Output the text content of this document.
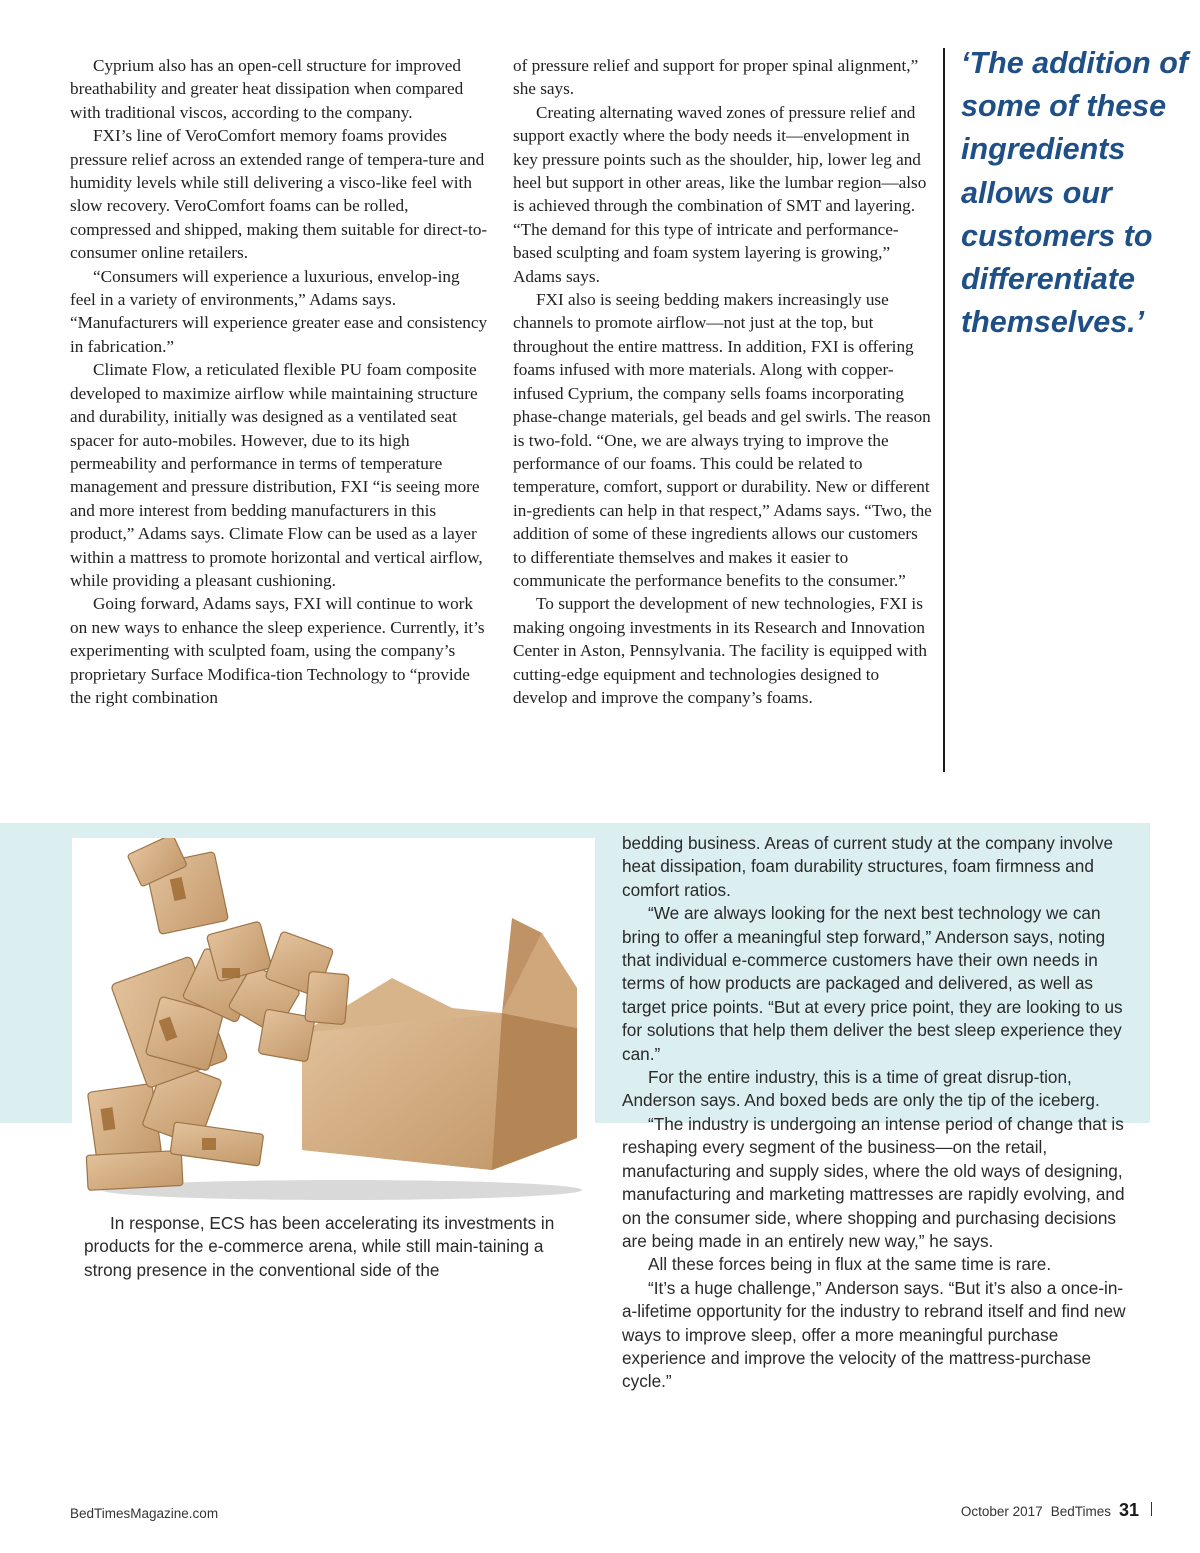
Cyprium also has an open-cell structure for improved breathability and greater heat dissipation when compared with traditional viscos, according to the company.

FXI’s line of VeroComfort memory foams provides pressure relief across an extended range of tempera-ture and humidity levels while still delivering a visco-like feel with slow recovery. VeroComfort foams can be rolled, compressed and shipped, making them suitable for direct-to-consumer online retailers.

“Consumers will experience a luxurious, envelop-ing feel in a variety of environments,” Adams says. “Manufacturers will experience greater ease and consistency in fabrication.”

Climate Flow, a reticulated flexible PU foam composite developed to maximize airflow while maintaining structure and durability, initially was designed as a ventilated seat spacer for auto-mobiles. However, due to its high permeability and performance in terms of temperature management and pressure distribution, FXI “is seeing more and more interest from bedding manufacturers in this product,” Adams says. Climate Flow can be used as a layer within a mattress to promote horizontal and vertical airflow, while providing a pleasant cushioning.

Going forward, Adams says, FXI will continue to work on new ways to enhance the sleep experience. Currently, it’s experimenting with sculpted foam, using the company’s proprietary Surface Modifica-tion Technology to “provide the right combination

of pressure relief and support for proper spinal alignment,” she says.

Creating alternating waved zones of pressure relief and support exactly where the body needs it—envelopment in key pressure points such as the shoulder, hip, lower leg and heel but support in other areas, like the lumbar region—also is achieved through the combination of SMT and layering. “The demand for this type of intricate and performance-based sculpting and foam system layering is growing,” Adams says.

FXI also is seeing bedding makers increasingly use channels to promote airflow—not just at the top, but throughout the entire mattress. In addition, FXI is offering foams infused with more materials. Along with copper-infused Cyprium, the company sells foams incorporating phase-change materials, gel beads and gel swirls. The reason is two-fold. “One, we are always trying to improve the performance of our foams. This could be related to temperature, comfort, support or durability. New or different in-gredients can help in that respect,” Adams says. “Two, the addition of some of these ingredients allows our customers to differentiate themselves and makes it easier to communicate the performance benefits to the consumer.”

To support the development of new technologies, FXI is making ongoing investments in its Research and Innovation Center in Aston, Pennsylvania. The facility is equipped with cutting-edge equipment and technologies designed to develop and improve the company’s foams.

‘The addition of some of these ingredients allows our customers to differentiate themselves.’

In response, ECS has been accelerating its investments in products for the e-commerce arena, while still main-taining a strong presence in the conventional side of the

bedding business. Areas of current study at the company involve heat dissipation, foam durability structures, foam firmness and comfort ratios.

“We are always looking for the next best technology we can bring to offer a meaningful step forward,” Anderson says, noting that individual e-commerce customers have their own needs in terms of how products are packaged and delivered, as well as target price points. “But at every price point, they are looking to us for solutions that help them deliver the best sleep experience they can.”

For the entire industry, this is a time of great disrup-tion, Anderson says. And boxed beds are only the tip of the iceberg.

“The industry is undergoing an intense period of change that is reshaping every segment of the business—on the retail, manufacturing and supply sides, where the old ways of designing, manufacturing and marketing mattresses are rapidly evolving, and on the consumer side, where shopping and purchasing decisions are being made in an entirely new way,” he says.

All these forces being in flux at the same time is rare.

“It’s a huge challenge,” Anderson says. “But it’s also a once-in-a-lifetime opportunity for the industry to rebrand itself and find new ways to improve sleep, offer a more meaningful purchase experience and improve the velocity of the mattress-purchase cycle.”

BedTimesMagazine.com	October 2017 BedTimes 31
